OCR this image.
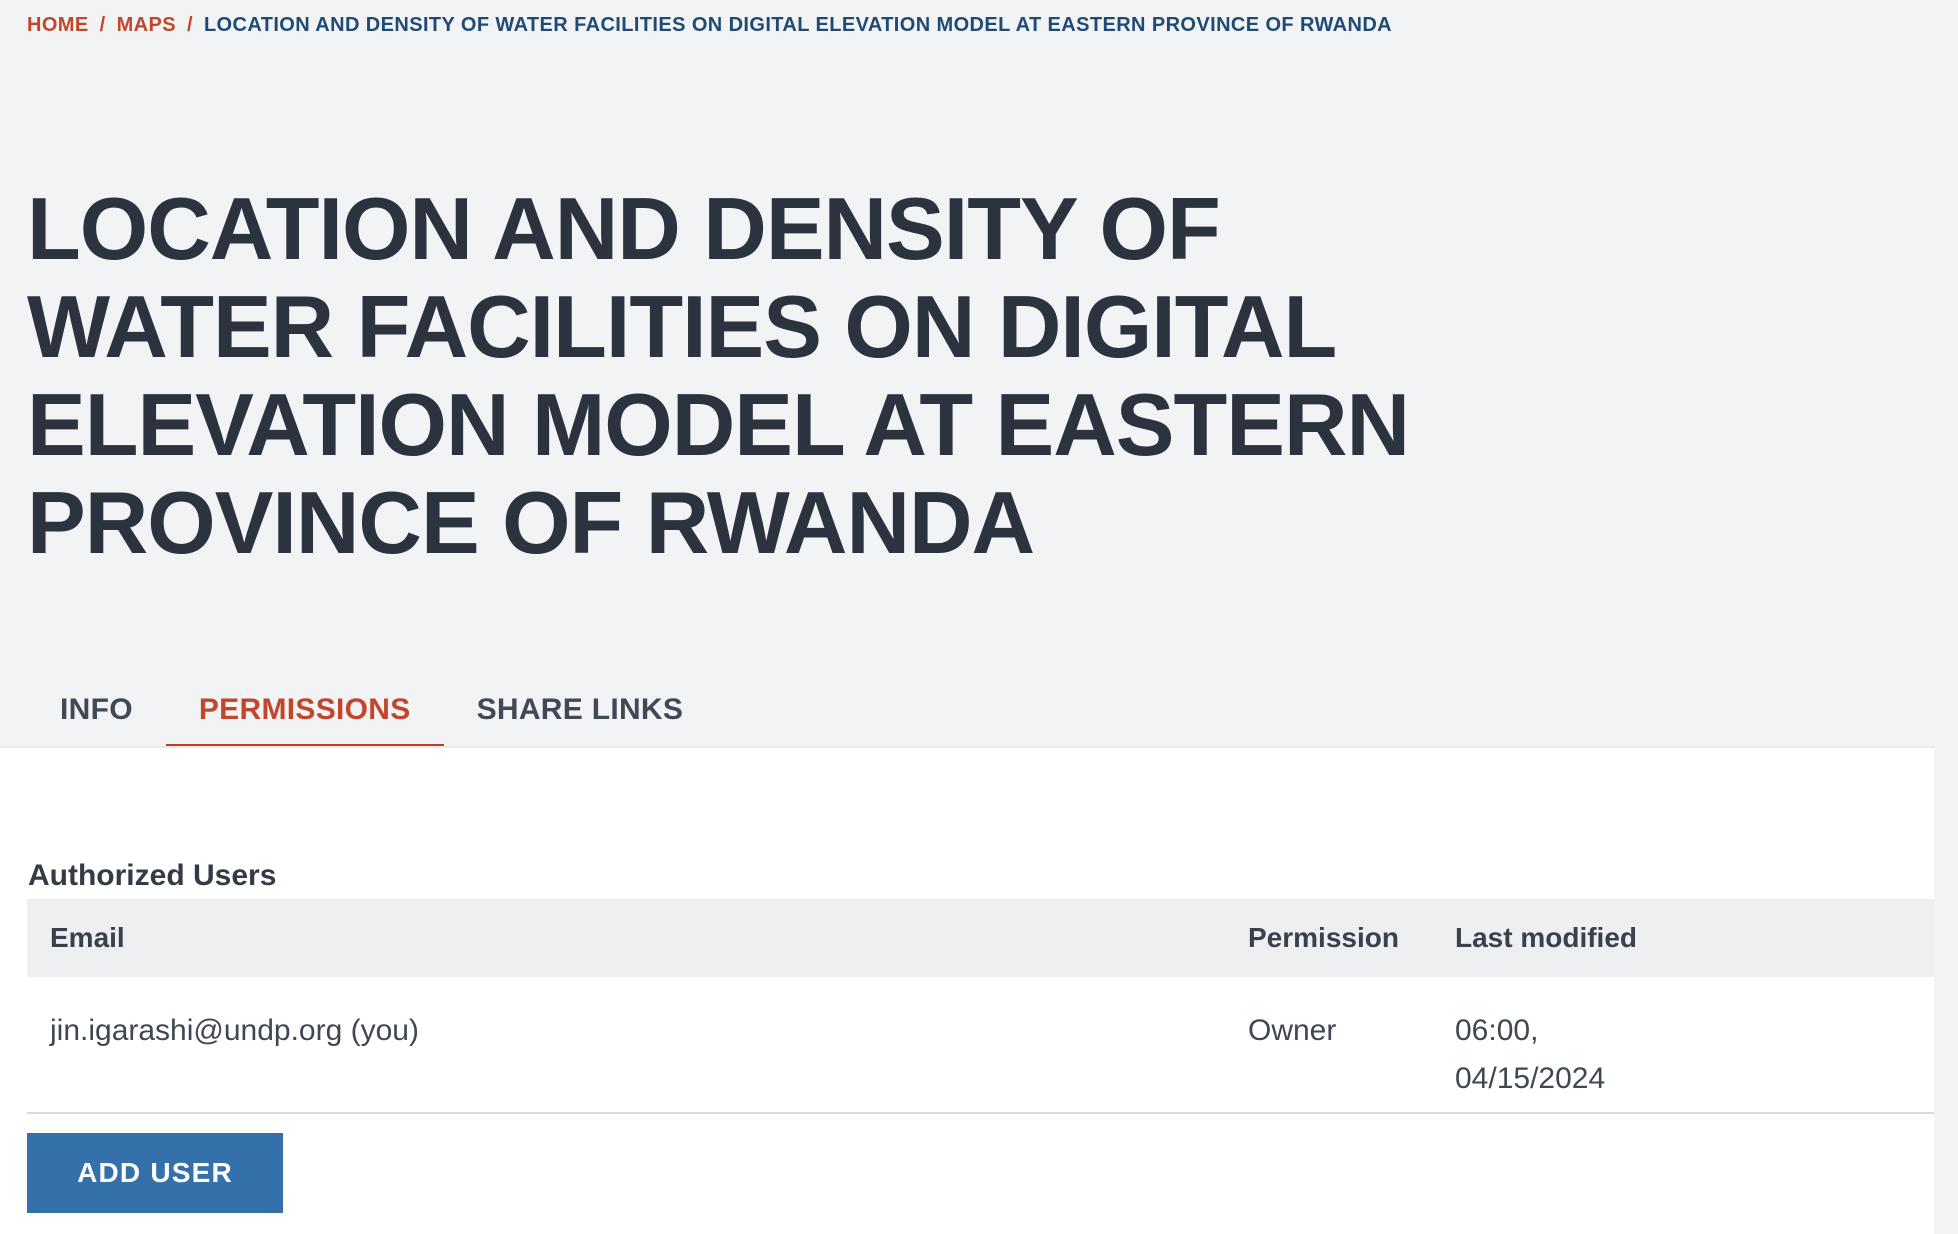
HOME / MAPS / LOCATION AND DENSITY OF WATER FACILITIES ON DIGITAL ELEVATION MODEL AT EASTERN PROVINCE OF RWANDA
LOCATION AND DENSITY OF
WATER FACILITIES ON DIGITAL
ELEVATION MODEL AT EASTERN
PROVINCE OF RWANDA
INFO	PERMISSIONS	SHARE LINKS
Authorized Users
Email	Permission	Last modified
jin.igarashi@undp.org (you)	Owner	06:00,
04/15/2024
ADD USER
